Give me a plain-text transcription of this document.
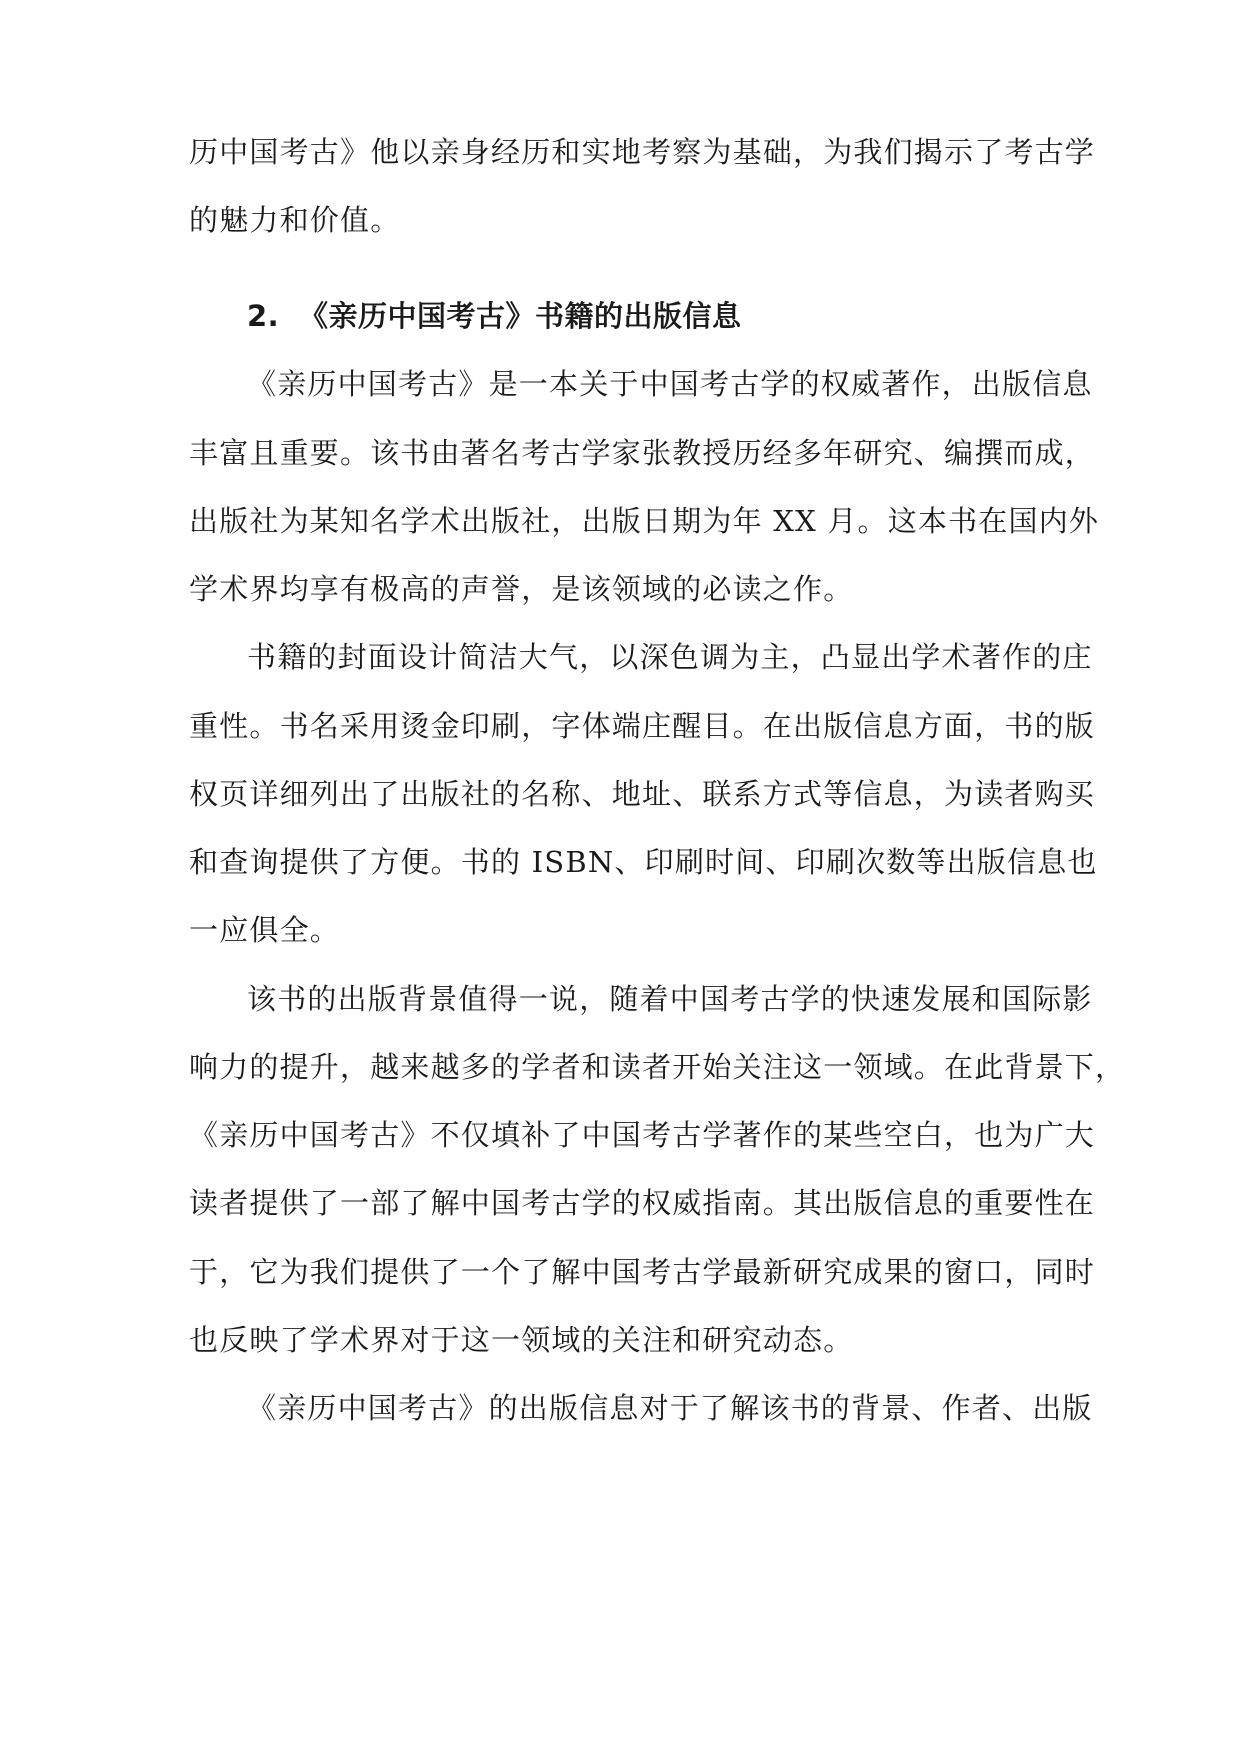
历中国考古》他以亲身经历和实地考察为基础，为我们揭示了考古学
的魅力和价值。
2. 《亲历中国考古》书籍的出版信息
《亲历中国考古》是一本关于中国考古学的权威著作，出版信息
丰富且重要。该书由著名考古学家张教授历经多年研究、编撰而成，
出版社为某知名学术出版社，出版日期为年 XX 月。这本书在国内外
学术界均享有极高的声誉，是该领域的必读之作。
书籍的封面设计简洁大气，以深色调为主，凸显出学术著作的庄
重性。书名采用烫金印刷，字体端庄醒目。在出版信息方面，书的版
权页详细列出了出版社的名称、地址、联系方式等信息，为读者购买
和查询提供了方便。书的 ISBN、印刷时间、印刷次数等出版信息也
一应俱全。
该书的出版背景值得一说，随着中国考古学的快速发展和国际影
响力的提升，越来越多的学者和读者开始关注这一领域。在此背景下，
《亲历中国考古》不仅填补了中国考古学著作的某些空白，也为广大
读者提供了一部了解中国考古学的权威指南。其出版信息的重要性在
于，它为我们提供了一个了解中国考古学最新研究成果的窗口，同时
也反映了学术界对于这一领域的关注和研究动态。
《亲历中国考古》的出版信息对于了解该书的背景、作者、出版
